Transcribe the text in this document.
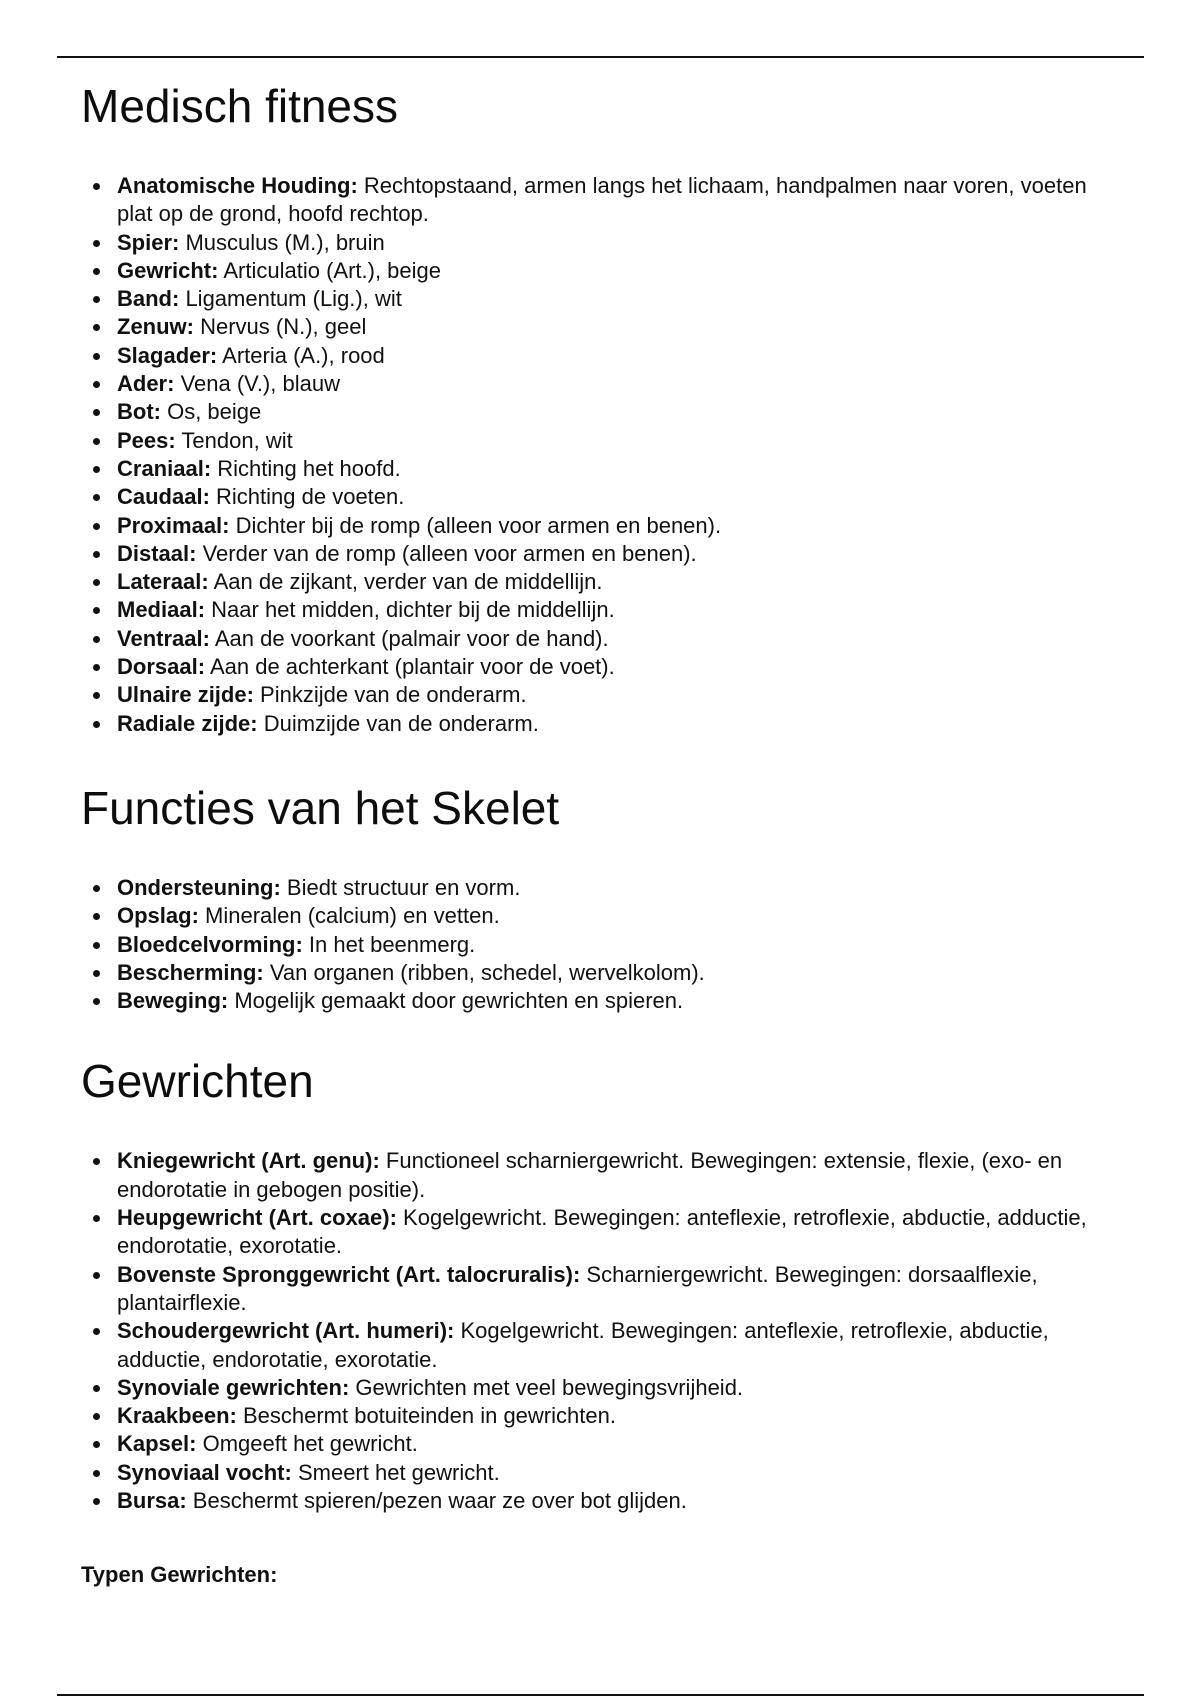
Medisch fitness
Anatomische Houding: Rechtopstaand, armen langs het lichaam, handpalmen naar voren, voeten plat op de grond, hoofd rechtop.
Spier: Musculus (M.), bruin
Gewricht: Articulatio (Art.), beige
Band: Ligamentum (Lig.), wit
Zenuw: Nervus (N.), geel
Slagader: Arteria (A.), rood
Ader: Vena (V.), blauw
Bot: Os, beige
Pees: Tendon, wit
Craniaal: Richting het hoofd.
Caudaal: Richting de voeten.
Proximaal: Dichter bij de romp (alleen voor armen en benen).
Distaal: Verder van de romp (alleen voor armen en benen).
Lateraal: Aan de zijkant, verder van de middellijn.
Mediaal: Naar het midden, dichter bij de middellijn.
Ventraal: Aan de voorkant (palmair voor de hand).
Dorsaal: Aan de achterkant (plantair voor de voet).
Ulnaire zijde: Pinkzijde van de onderarm.
Radiale zijde: Duimzijde van de onderarm.
Functies van het Skelet
Ondersteuning: Biedt structuur en vorm.
Opslag: Mineralen (calcium) en vetten.
Bloedcelvorming: In het beenmerg.
Bescherming: Van organen (ribben, schedel, wervelkolom).
Beweging: Mogelijk gemaakt door gewrichten en spieren.
Gewrichten
Kniegewricht (Art. genu): Functioneel scharniergewricht. Bewegingen: extensie, flexie, (exo- en endorotatie in gebogen positie).
Heupgewricht (Art. coxae): Kogelgewricht. Bewegingen: anteflexie, retroflexie, abductie, adductie, endorotatie, exorotatie.
Bovenste Spronggewricht (Art. talocruralis): Scharniergewricht. Bewegingen: dorsaalflexie, plantairflexie.
Schoudergewricht (Art. humeri): Kogelgewricht. Bewegingen: anteflexie, retroflexie, abductie, adductie, endorotatie, exorotatie.
Synoviale gewrichten: Gewrichten met veel bewegingsvrijheid.
Kraakbeen: Beschermt botuiteinden in gewrichten.
Kapsel: Omgeeft het gewricht.
Synoviaal vocht: Smeert het gewricht.
Bursa: Beschermt spieren/pezen waar ze over bot glijden.
Typen Gewrichten:
